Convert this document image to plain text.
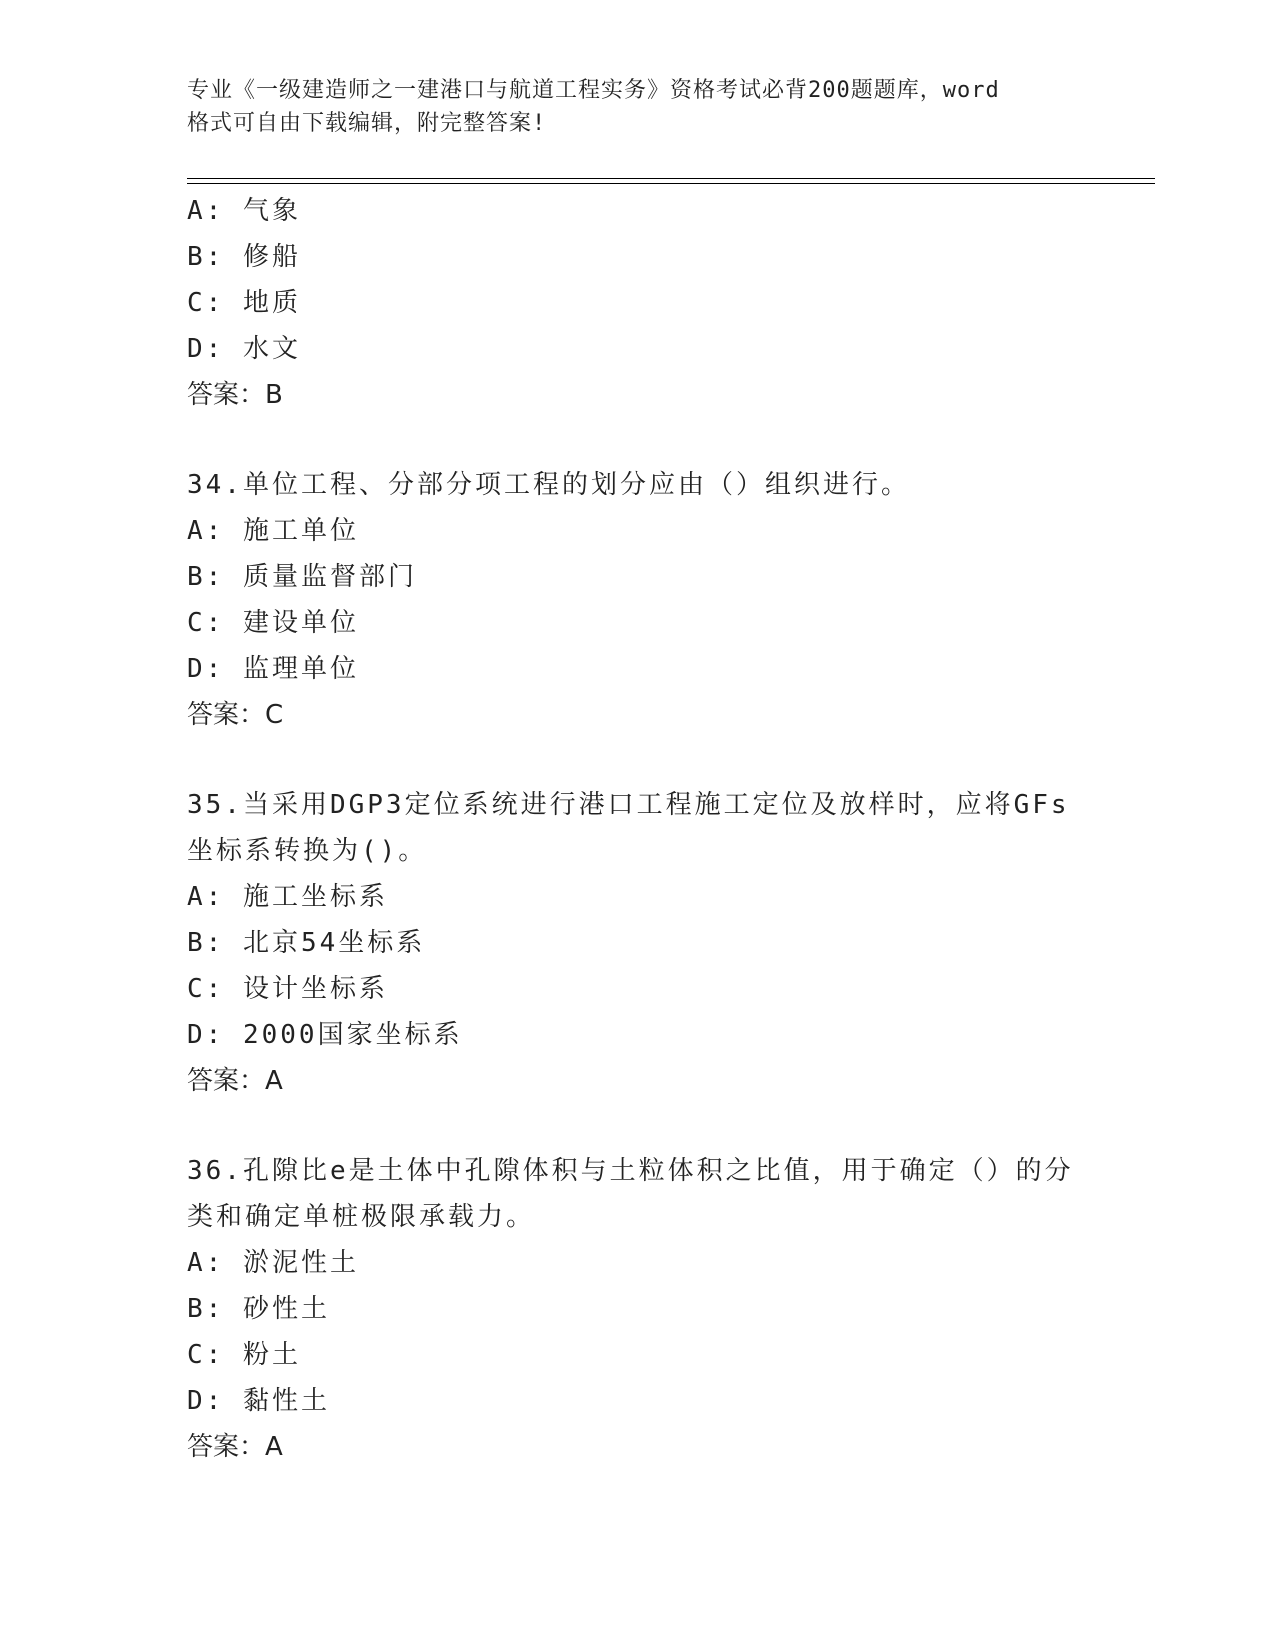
专业《一级建造师之一建港口与航道工程实务》资格考试必背200题题库，word
格式可自由下载编辑，附完整答案!
A: 气象
B: 修船
C: 地质
D: 水文
答案：B
34.单位工程、分部分项工程的划分应由（）组织进行。
A: 施工单位
B: 质量监督部门
C: 建设单位
D: 监理单位
答案：C
35.当采用DGP3定位系统进行港口工程施工定位及放样时，应将GFs
坐标系转换为()。
A: 施工坐标系
B: 北京54坐标系
C: 设计坐标系
D: 2000国家坐标系
答案：A
36.孔隙比e是土体中孔隙体积与土粒体积之比值，用于确定（）的分
类和确定单桩极限承载力。
A: 淤泥性土
B: 砂性土
C: 粉土
D: 黏性土
答案：A
